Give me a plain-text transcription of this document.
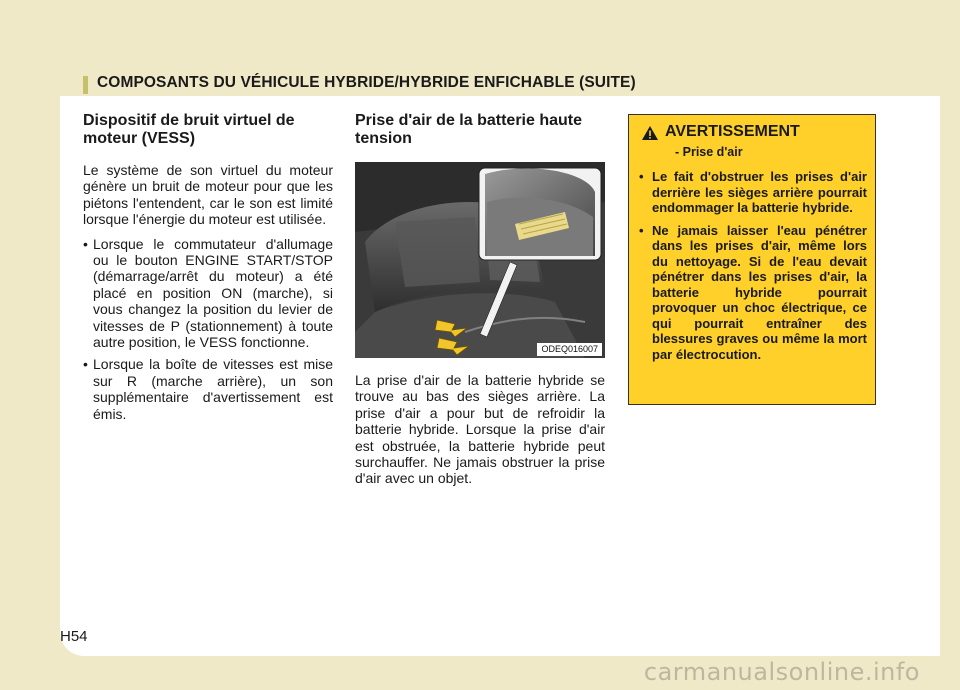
COMPOSANTS DU VÉHICULE HYBRIDE/HYBRIDE ENFICHABLE (SUITE)
Dispositif de bruit virtuel de moteur (VESS)

Le système de son virtuel du moteur génère un bruit de moteur pour que les piétons l'entendent, car le son est limité lorsque l'énergie du moteur est utilisée.

• Lorsque le commutateur d'allumage ou le bouton ENGINE START/STOP (démarrage/arrêt du moteur) a été placé en position ON (marche), si vous changez la position du levier de vitesses de P (stationnement) à toute autre position, le VESS fonctionne.
• Lorsque la boîte de vitesses est mise sur R (marche arrière), un son supplémentaire d'avertissement est émis.
Prise d'air de la batterie haute tension
ODEQ016007

La prise d'air de la batterie hybride se trouve au bas des sièges arrière. La prise d'air a pour but de refroidir la batterie hybride. Lorsque la prise d'air est obstruée, la batterie hybride peut surchauffer. Ne jamais obstruer la prise d'air avec un objet.

AVERTISSEMENT
- Prise d'air
• Le fait d'obstruer les prises d'air derrière les sièges arrière pourrait endommager la batterie hybride.
• Ne jamais laisser l'eau pénétrer dans les prises d'air, même lors du nettoyage. Si de l'eau devait pénétrer dans les prises d'air, la batterie hybride pourrait provoquer un choc électrique, ce qui pourrait entraîner des blessures graves ou même la mort par électrocution.
H54
carmanualsonline.info
